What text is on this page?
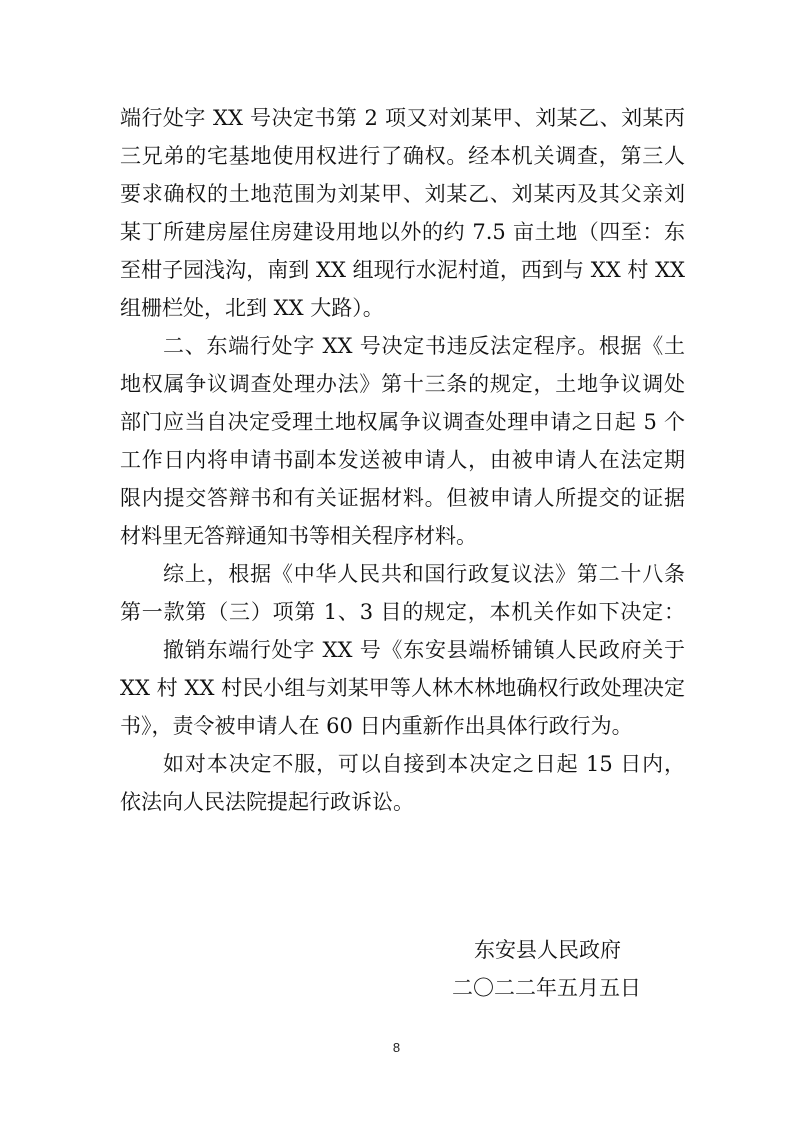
端行处字 XX 号决定书第 2 项又对刘某甲、刘某乙、刘某丙
三兄弟的宅基地使用权进行了确权。经本机关调查，第三人
要求确权的土地范围为刘某甲、刘某乙、刘某丙及其父亲刘
某丁所建房屋住房建设用地以外的约 7.5 亩土地（四至：东
至柑子园浅沟，南到 XX 组现行水泥村道，西到与 XX 村 XX
组栅栏处，北到 XX 大路）。
二、东端行处字 XX 号决定书违反法定程序。根据《土
地权属争议调查处理办法》第十三条的规定，土地争议调处
部门应当自决定受理土地权属争议调查处理申请之日起 5 个
工作日内将申请书副本发送被申请人，由被申请人在法定期
限内提交答辩书和有关证据材料。但被申请人所提交的证据
材料里无答辩通知书等相关程序材料。
综上，根据《中华人民共和国行政复议法》第二十八条
第一款第（三）项第 1、3 目的规定，本机关作如下决定：
撤销东端行处字 XX 号《东安县端桥铺镇人民政府关于
XX 村 XX 村民小组与刘某甲等人林木林地确权行政处理决定
书》，责令被申请人在 60 日内重新作出具体行政行为。
如对本决定不服，可以自接到本决定之日起 15 日内，
依法向人民法院提起行政诉讼。
东安县人民政府
二〇二二年五月五日
8
